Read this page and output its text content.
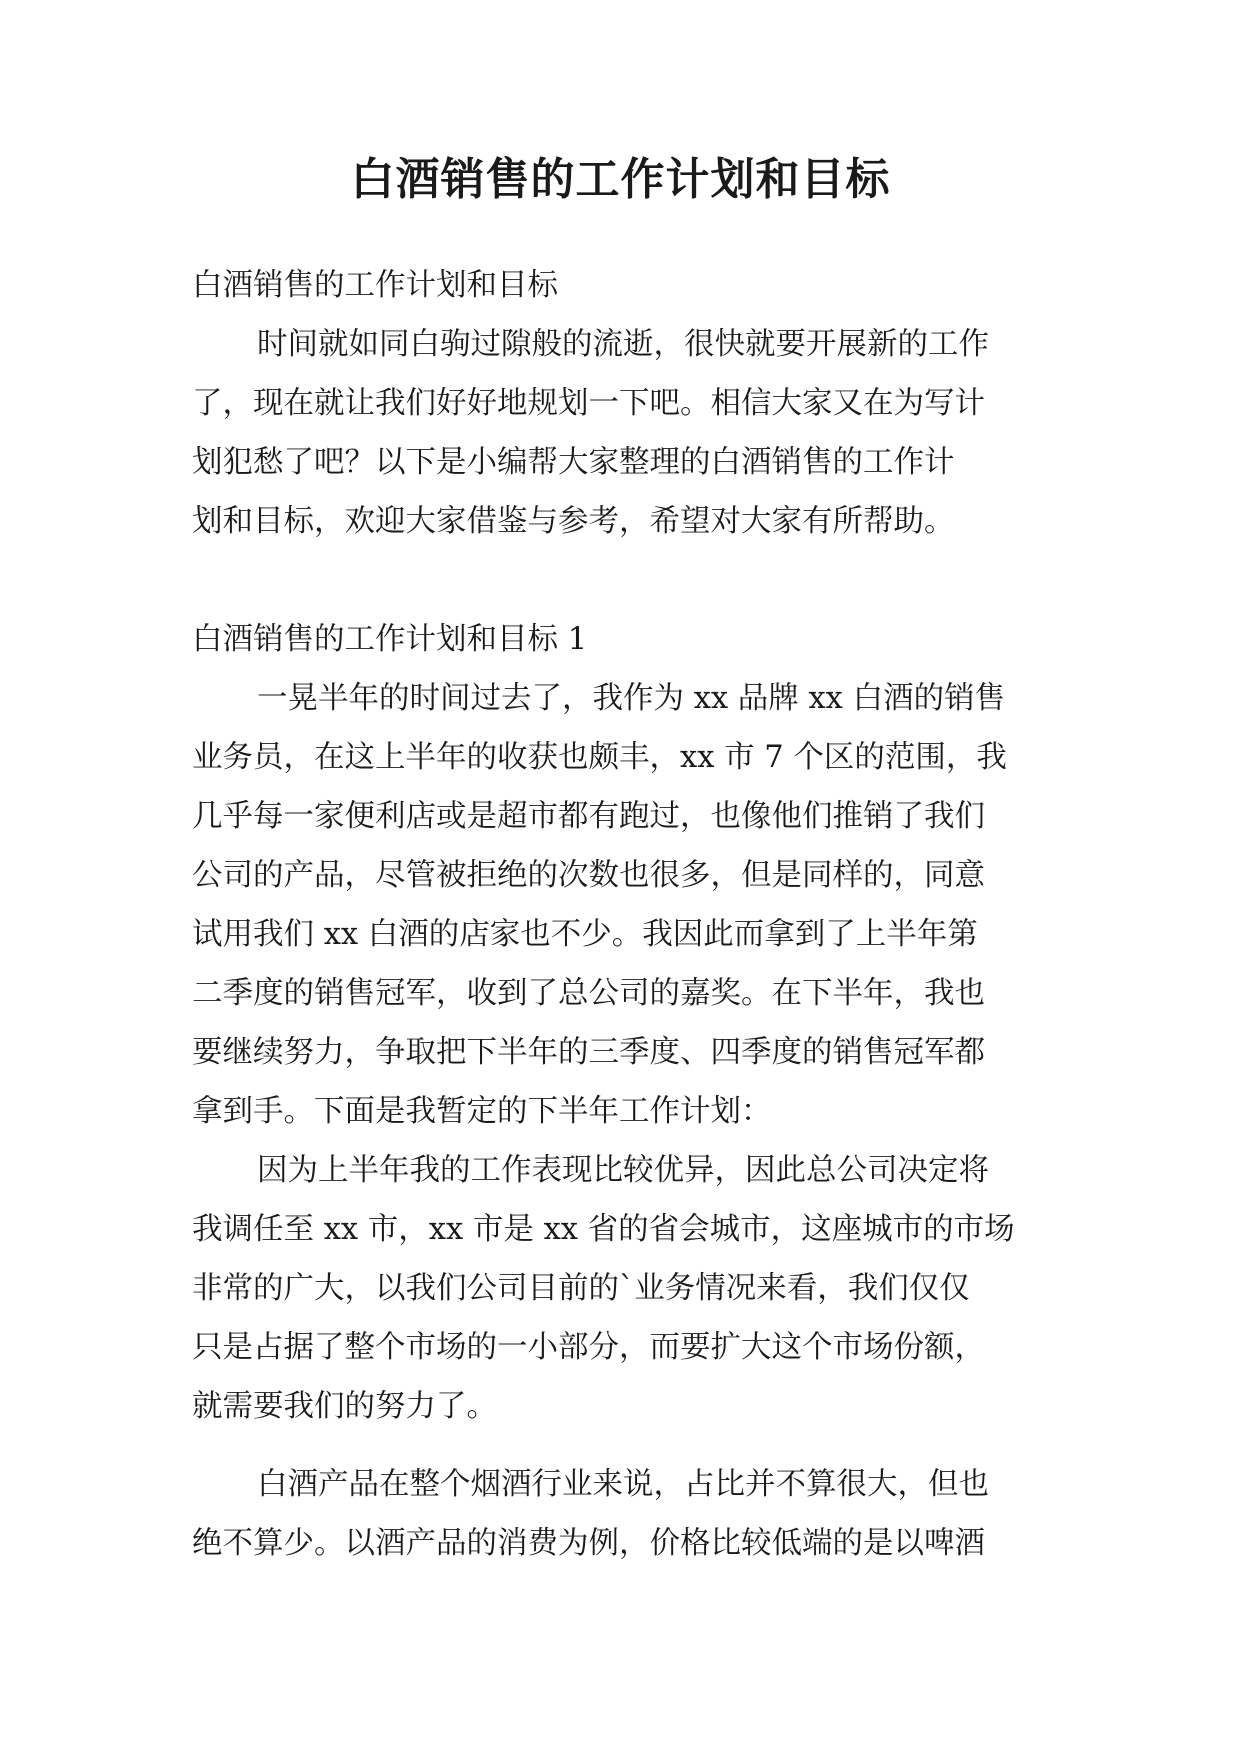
白酒销售的工作计划和目标
白酒销售的工作计划和目标
时间就如同白驹过隙般的流逝，很快就要开展新的工作
了，现在就让我们好好地规划一下吧。相信大家又在为写计
划犯愁了吧？以下是小编帮大家整理的白酒销售的工作计
划和目标，欢迎大家借鉴与参考，希望对大家有所帮助。
白酒销售的工作计划和目标 1
一晃半年的时间过去了，我作为 xx 品牌 xx 白酒的销售
业务员，在这上半年的收获也颇丰，xx 市 7 个区的范围，我
几乎每一家便利店或是超市都有跑过，也像他们推销了我们
公司的产品，尽管被拒绝的次数也很多，但是同样的，同意
试用我们 xx 白酒的店家也不少。我因此而拿到了上半年第
二季度的销售冠军，收到了总公司的嘉奖。在下半年，我也
要继续努力，争取把下半年的三季度、四季度的销售冠军都
拿到手。下面是我暂定的下半年工作计划：
因为上半年我的工作表现比较优异，因此总公司决定将
我调任至 xx 市，xx 市是 xx 省的省会城市，这座城市的市场
非常的广大，以我们公司目前的`业务情况来看，我们仅仅
只是占据了整个市场的一小部分，而要扩大这个市场份额，
就需要我们的努力了。
白酒产品在整个烟酒行业来说，占比并不算很大，但也
绝不算少。以酒产品的消费为例，价格比较低端的是以啤酒
